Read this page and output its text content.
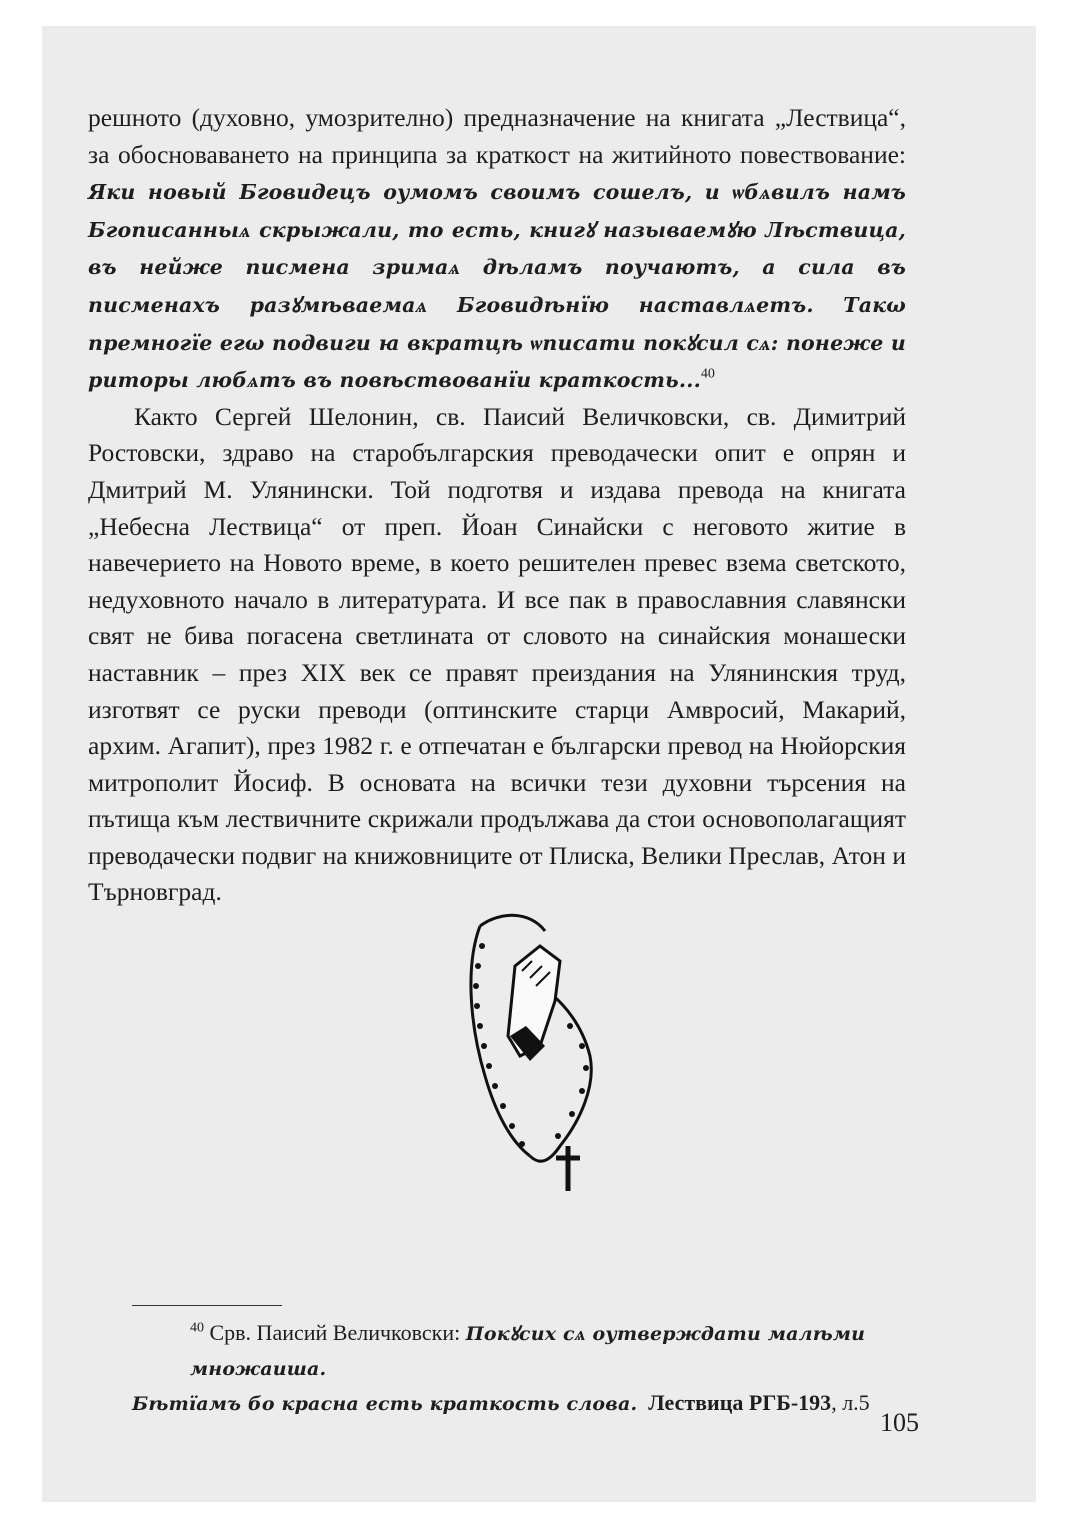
решното (духовно, умозрително) предназначение на книгата „Лествица“, за обосноваването на принципа за краткост на житийното повествование: Яки новый Бговидецъ оумомъ своимъ сошелъ, и ѡбѧвилъ намъ Бгописанныѧ скрыжали, то есть, книгꙋ называемꙋю Лѣствица, въ нейже писмена зримаѧ дѣламъ поучаютъ, а сила въ писменахъ разꙋмѣваемаѧ Бговидѣнїю наставлѧетъ. Такω премногїе егω подвиги ꙗ вкратцѣ ѡписати покꙋсил сѧ: понеже и риторы любѧтъ въ повѣствованїи краткость...$^{40}$

Както Сергей Шелонин, св. Паисий Величковски, св. Димитрий Ростовски, здраво на старобългарския преводачески опит е опрян и Дмитрий М. Улянински. Той подготвя и издава превода на книгата „Небесна Лествица“ от преп. Йоан Синайски с неговото житие в навечерието на Новото време, в което решителен превес взема светското, недуховното начало в литературата. И все пак в православния славянски свят не бива погасена светлината от словото на синайския монашески наставник – през XIX век се правят преиздания на Улянинския труд, изготвят се руски преводи (оптинските старци Амвросий, Макарий, архим. Агапит), през 1982 г. е отпечатан е български превод на Нюйорския митрополит Йосиф. В основата на всички тези духовни търсения на пътища към лествичните скрижали продължава да стои основополагащият преводачески подвиг на книжовниците от Плиска, Велики Преслав, Атон и Търновград.

$^{40}$ Срв. Паисий Величковски: Покꙋсих сѧ оутверждати малѣми множаишa.
Бѣтїамъ бо красна есть краткость слова. Лествица РГБ-193, л.5
105
